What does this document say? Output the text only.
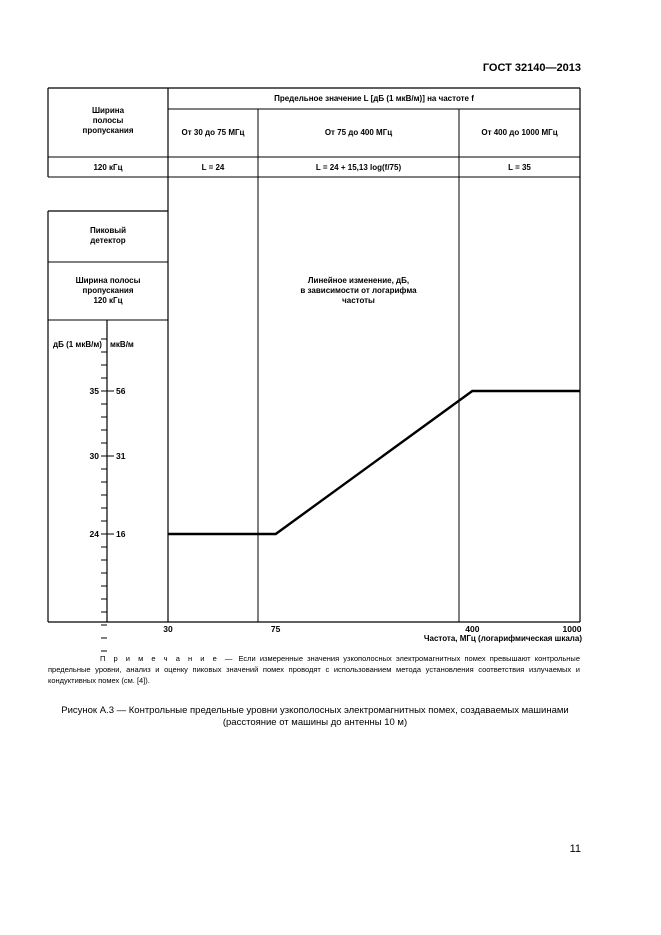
ГОСТ 32140—2013
24 16
30 31
35 56
30	75	400	1000
Ширина
полосы
пропускания
Предельное значение L [дБ (1 мкВ/м)] на частоте f
От 30 до 75 МГц	От 75 до 400 МГц	От 400 до 1000 МГц
120 кГц	L = 24	L = 24 + 15,13 log(f/75)	L = 35
Пиковый
детектор
Ширина полосы
пропускания
120 кГц
дБ (1 мкВ/м)	мкВ/м
Линейное изменение, дБ,
в зависимости от логарифма
частоты
Частота, МГц (логарифмическая шкала)
П р и м е ч а н и е — Если измеренные значения узкополосных электромагнитных помех превышают контрольные предельные уровни, анализ и оценку пиковых значений помех проводят с использованием метода установления соответствия излучаемых и кондуктивных помех (см. [4]).
Рисунок А.3 — Контрольные предельные уровни узкополосных электромагнитных помех, создаваемых машинами
(расстояние от машины до антенны 10 м)
11
